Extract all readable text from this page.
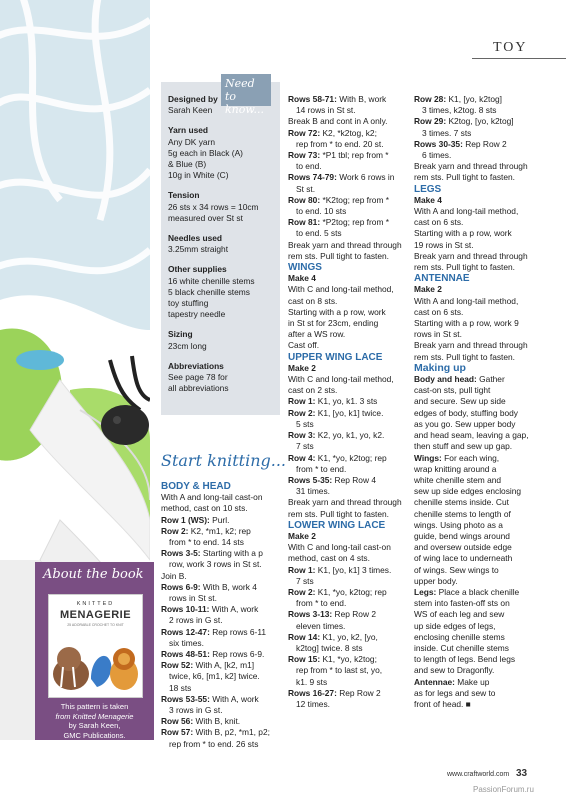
TOY
Need to know...
Designed by
Sarah Keen
Yarn used
Any DK yarn
5g each in Black (A)
& Blue (B)
10g in White (C)
Tension
26 sts x 34 rows = 10cm
measured over St st
Needles used
3.25mm straight
Other supplies
16 white chenille stems
5 black chenille stems
toy stuffing
tapestry needle
Sizing
23cm long
Abbreviations
See page 78 for
all abbreviations
Start knitting...

BODY & HEAD

With A and long-tail cast-on

method, cast on 10 sts.

Row 1 (WS): Purl.

Row 2: K2, *m1, k2; rep

from * to end. 14 sts

Rows 3-5: Starting with a p

row, work 3 rows in St st.

Join B.

Rows 6-9: With B, work 4

rows in St st.

Rows 10-11: With A, work

2 rows in G st.

Rows 12-47: Rep rows 6-11

six times.

Rows 48-51: Rep rows 6-9.

Row 52: With A, [k2, m1]

twice, k6, [m1, k2] twice.

18 sts

Rows 53-55: With A, work

3 rows in G st.

Row 56: With B, knit.

Row 57: With B, p2, *m1, p2;

rep from * to end. 26 sts

Rows 58-71: With B, work

14 rows in St st.

Break B and cont in A only.

Row 72: K2, *k2tog, k2;

rep from * to end. 20 st.

Row 73: *P1 tbl; rep from *

to end.

Rows 74-79: Work 6 rows in

St st.

Row 80: *K2tog; rep from *

to end. 10 sts

Row 81: *P2tog; rep from *

to end. 5 sts

Break yarn and thread through

rem sts. Pull tight to fasten.

WINGS

Make 4

With C and long-tail method,

cast on 8 sts.

Starting with a p row, work

in St st for 23cm, ending

after a WS row.

Cast off.

UPPER WING LACE

Make 2

With C and long-tail method,

cast on 2 sts.

Row 1: K1, yo, k1. 3 sts

Row 2: K1, [yo, k1] twice.

5 sts

Row 3: K2, yo, k1, yo, k2.

7 sts

Row 4: K1, *yo, k2tog; rep

from * to end.

Rows 5-35: Rep Row 4

31 times.

Break yarn and thread through

rem sts. Pull tight to fasten.

LOWER WING LACE

Make 2

With C and long-tail cast-on

method, cast on 4 sts.

Row 1: K1, [yo, k1] 3 times.

7 sts

Row 2: K1, *yo, k2tog; rep

from * to end.

Rows 3-13: Rep Row 2

eleven times.

Row 14: K1, yo, k2, [yo,

k2tog] twice. 8 sts

Row 15: K1, *yo, k2tog;

rep from * to last st, yo,

k1. 9 sts

Rows 16-27: Rep Row 2

12 times.

Row 28: K1, [yo, k2tog]

3 times, k2tog. 8 sts

Row 29: K2tog, [yo, k2tog]

3 times. 7 sts

Rows 30-35: Rep Row 2

6 times.

Break yarn and thread through

rem sts. Pull tight to fasten.

LEGS

Make 4

With A and long-tail method,

cast on 6 sts.

Starting with a p row, work

19 rows in St st.

Break yarn and thread through

rem sts. Pull tight to fasten.

ANTENNAE

Make 2

With A and long-tail method,

cast on 6 sts.

Starting with a p row, work 9

rows in St st.

Break yarn and thread through

rem sts. Pull tight to fasten.

Making up

Body and head: Gather

cast-on sts, pull tight

and secure. Sew up side

edges of body, stuffing body

as you go. Sew upper body

and head seam, leaving a gap,

then stuff and sew up gap.

Wings: For each wing,

wrap knitting around a

white chenille stem and

sew up side edges enclosing

chenille stems inside. Cut

chenille stems to length of

wings. Using photo as a

guide, bend wings around

and oversew outside edge

of wing lace to underneath

of wings. Sew wings to

upper body.

Legs: Place a black chenille

stem into fasten-off sts on

WS of each leg and sew

up side edges of legs,

enclosing chenille stems

inside. Cut chenille stems

to length of legs. Bend legs

and sew to Dragonfly.

Antennae: Make up

as for legs and sew to

front of head. ■

About the book
KNITTED
MENAGERIE
25 ADORABLE CROCHET TO KNIT
This pattern is taken
from Knitted Menagerie
by Sarah Keen,
GMC Publications.
RRP £16.99
www.craftworld.com 33
PassionForum.ru
